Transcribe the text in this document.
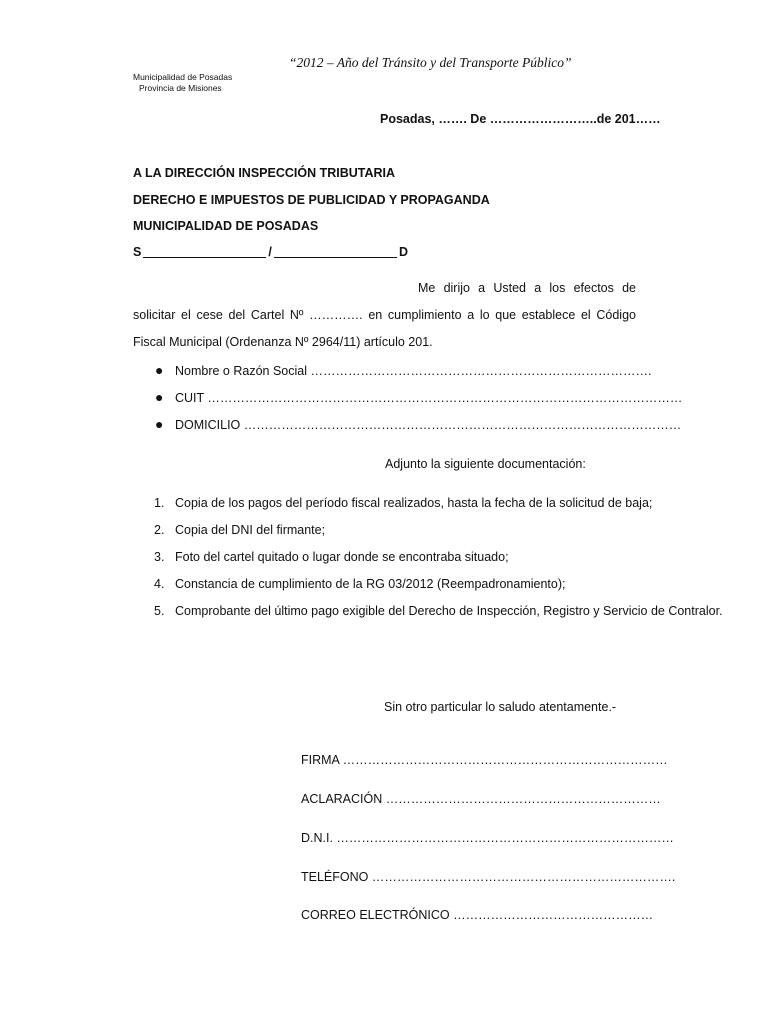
“2012 – Año del Tránsito y del Transporte Público”
Municipalidad de Posadas
Provincia de Misiones
Posadas, ……. De ……………………..de 201……
A LA DIRECCIÓN INSPECCIÓN TRIBUTARIA
DERECHO E IMPUESTOS DE PUBLICIDAD Y PROPAGANDA
MUNICIPALIDAD DE POSADAS
S	/	D
Me dirijo a Usted a los efectos de solicitar el cese del Cartel Nº …………. en cumplimiento a lo que establece el Código Fiscal Municipal (Ordenanza Nº 2964/11) artículo 201.
● Nombre o Razón Social ……………………………………………………………………….
● CUIT ……………………………………………………………………………………………………
● DOMICILIO ……………………………………………………………………………………………
Adjunto la siguiente documentación:
1. Copia de los pagos del período fiscal realizados, hasta la fecha de la solicitud de baja;
2. Copia del DNI del firmante;
3. Foto del cartel quitado o lugar donde se encontraba situado;
4. Constancia de cumplimiento de la RG 03/2012 (Reempadronamiento);
5. Comprobante del último pago exigible del Derecho de Inspección, Registro y Servicio de Contralor.
Sin otro particular lo saludo atentamente.-
FIRMA ……………………………………………………………………
ACLARACIÓN …………………………………………………………
D.N.I. ………………………………………………………………………
TELÉFONO ……………………………………………………………….
CORREO ELECTRÓNICO …………………………………………
